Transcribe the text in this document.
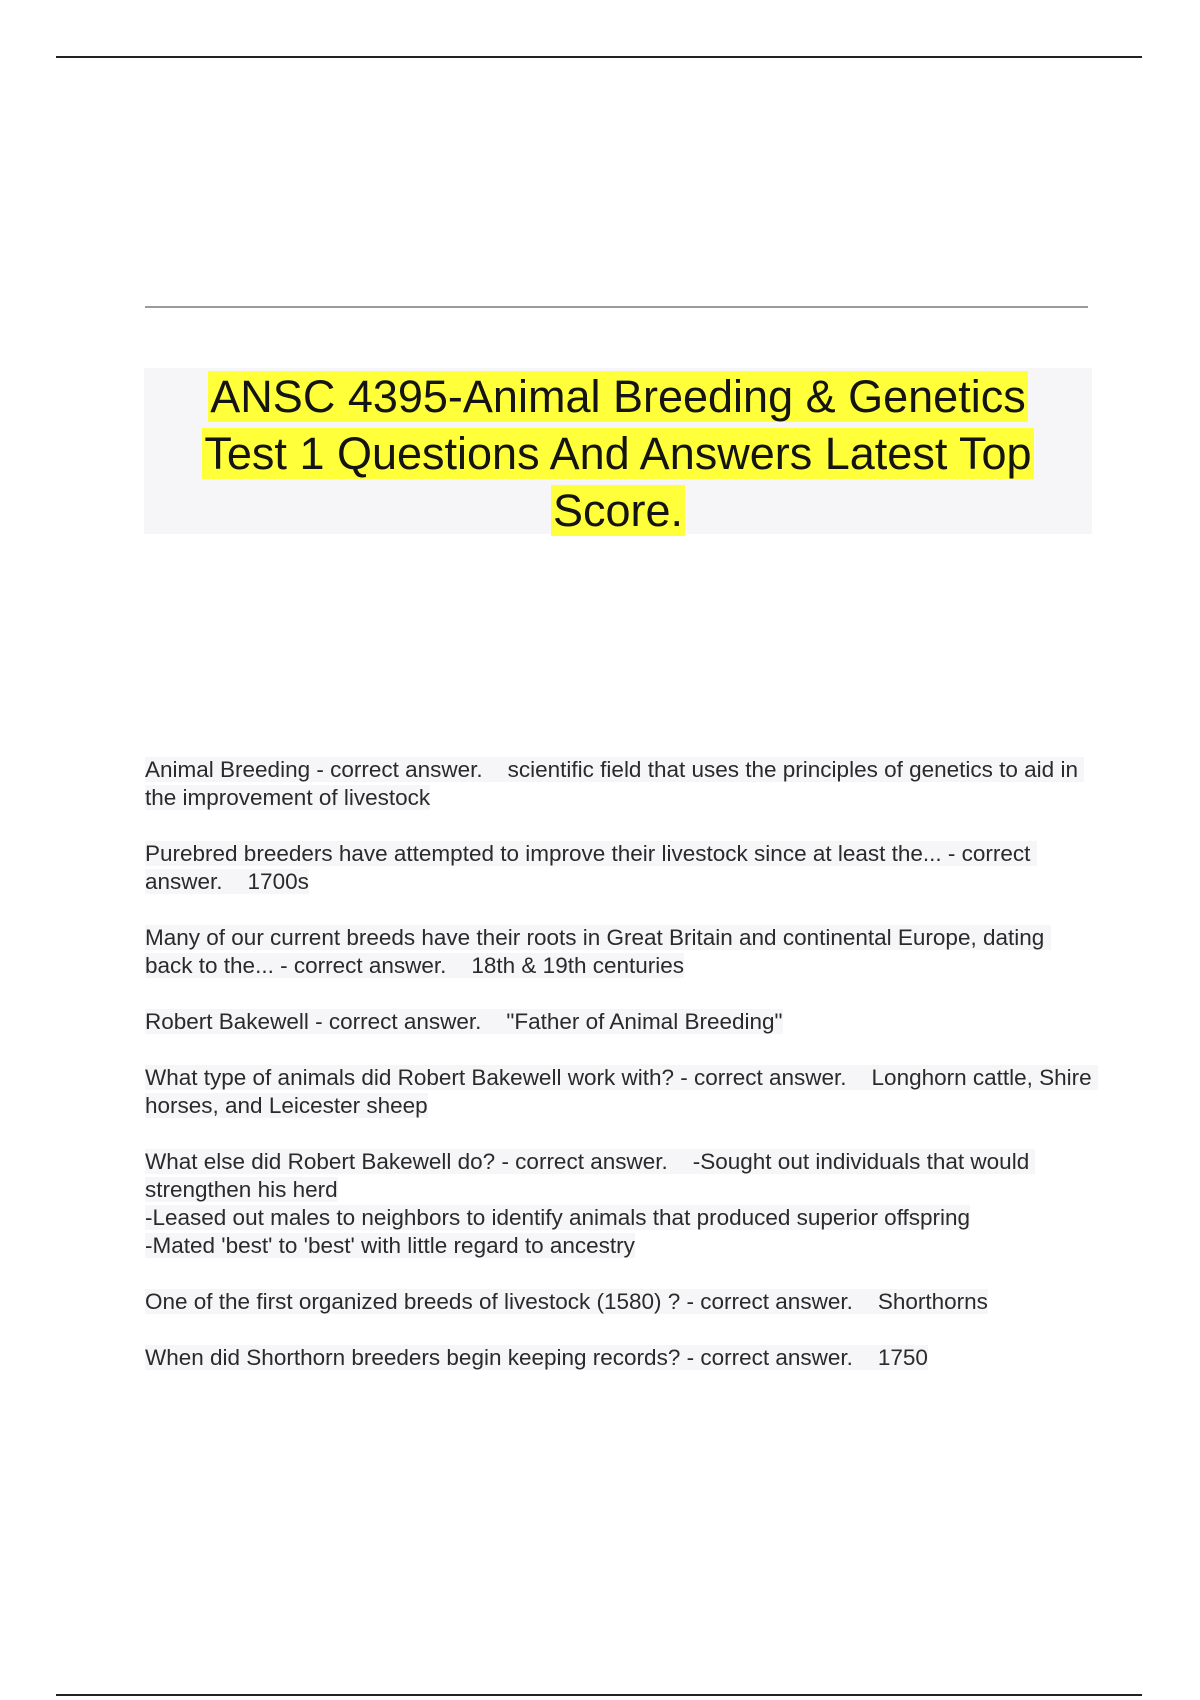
ANSC 4395-Animal Breeding & Genetics Test 1 Questions And Answers Latest Top Score.
Animal Breeding - correct answer.    scientific field that uses the principles of genetics to aid in the improvement of livestock
Purebred breeders have attempted to improve their livestock since at least the... - correct answer.    1700s
Many of our current breeds have their roots in Great Britain and continental Europe, dating back to the... - correct answer.    18th & 19th centuries
Robert Bakewell - correct answer.    "Father of Animal Breeding"
What type of animals did Robert Bakewell work with? - correct answer.    Longhorn cattle, Shire horses, and Leicester sheep
What else did Robert Bakewell do? - correct answer.    -Sought out individuals that would strengthen his herd
-Leased out males to neighbors to identify animals that produced superior offspring
-Mated 'best' to 'best' with little regard to ancestry
One of the first organized breeds of livestock (1580) ? - correct answer.    Shorthorns
When did Shorthorn breeders begin keeping records? - correct answer.    1750
